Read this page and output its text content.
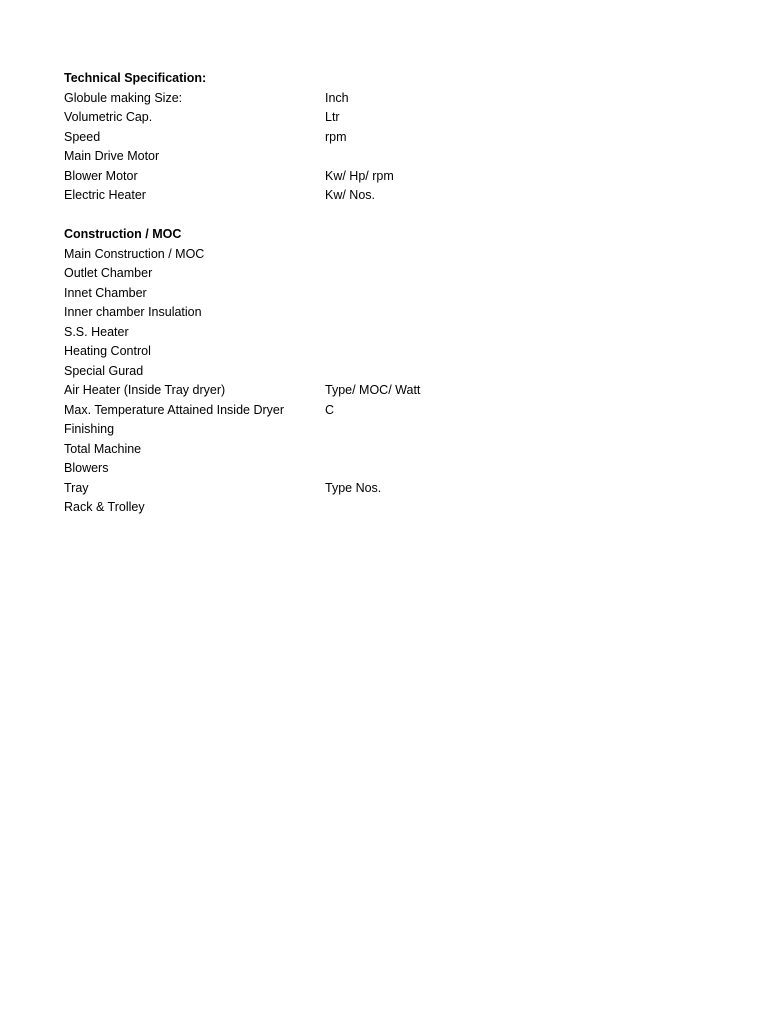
Technical Specification:
Globule making Size:	Inch
Volumetric Cap.	Ltr
Speed	rpm
Main Drive Motor
Blower Motor	Kw/ Hp/ rpm
Electric Heater	Kw/ Nos.
Construction / MOC
Main Construction / MOC
Outlet Chamber
Innet Chamber
Inner chamber Insulation
S.S. Heater
Heating Control
Special Gurad
Air Heater (Inside Tray dryer)	Type/ MOC/ Watt
Max. Temperature Attained Inside Dryer	C
Finishing
Total Machine
Blowers
Tray	Type Nos.
Rack & Trolley
